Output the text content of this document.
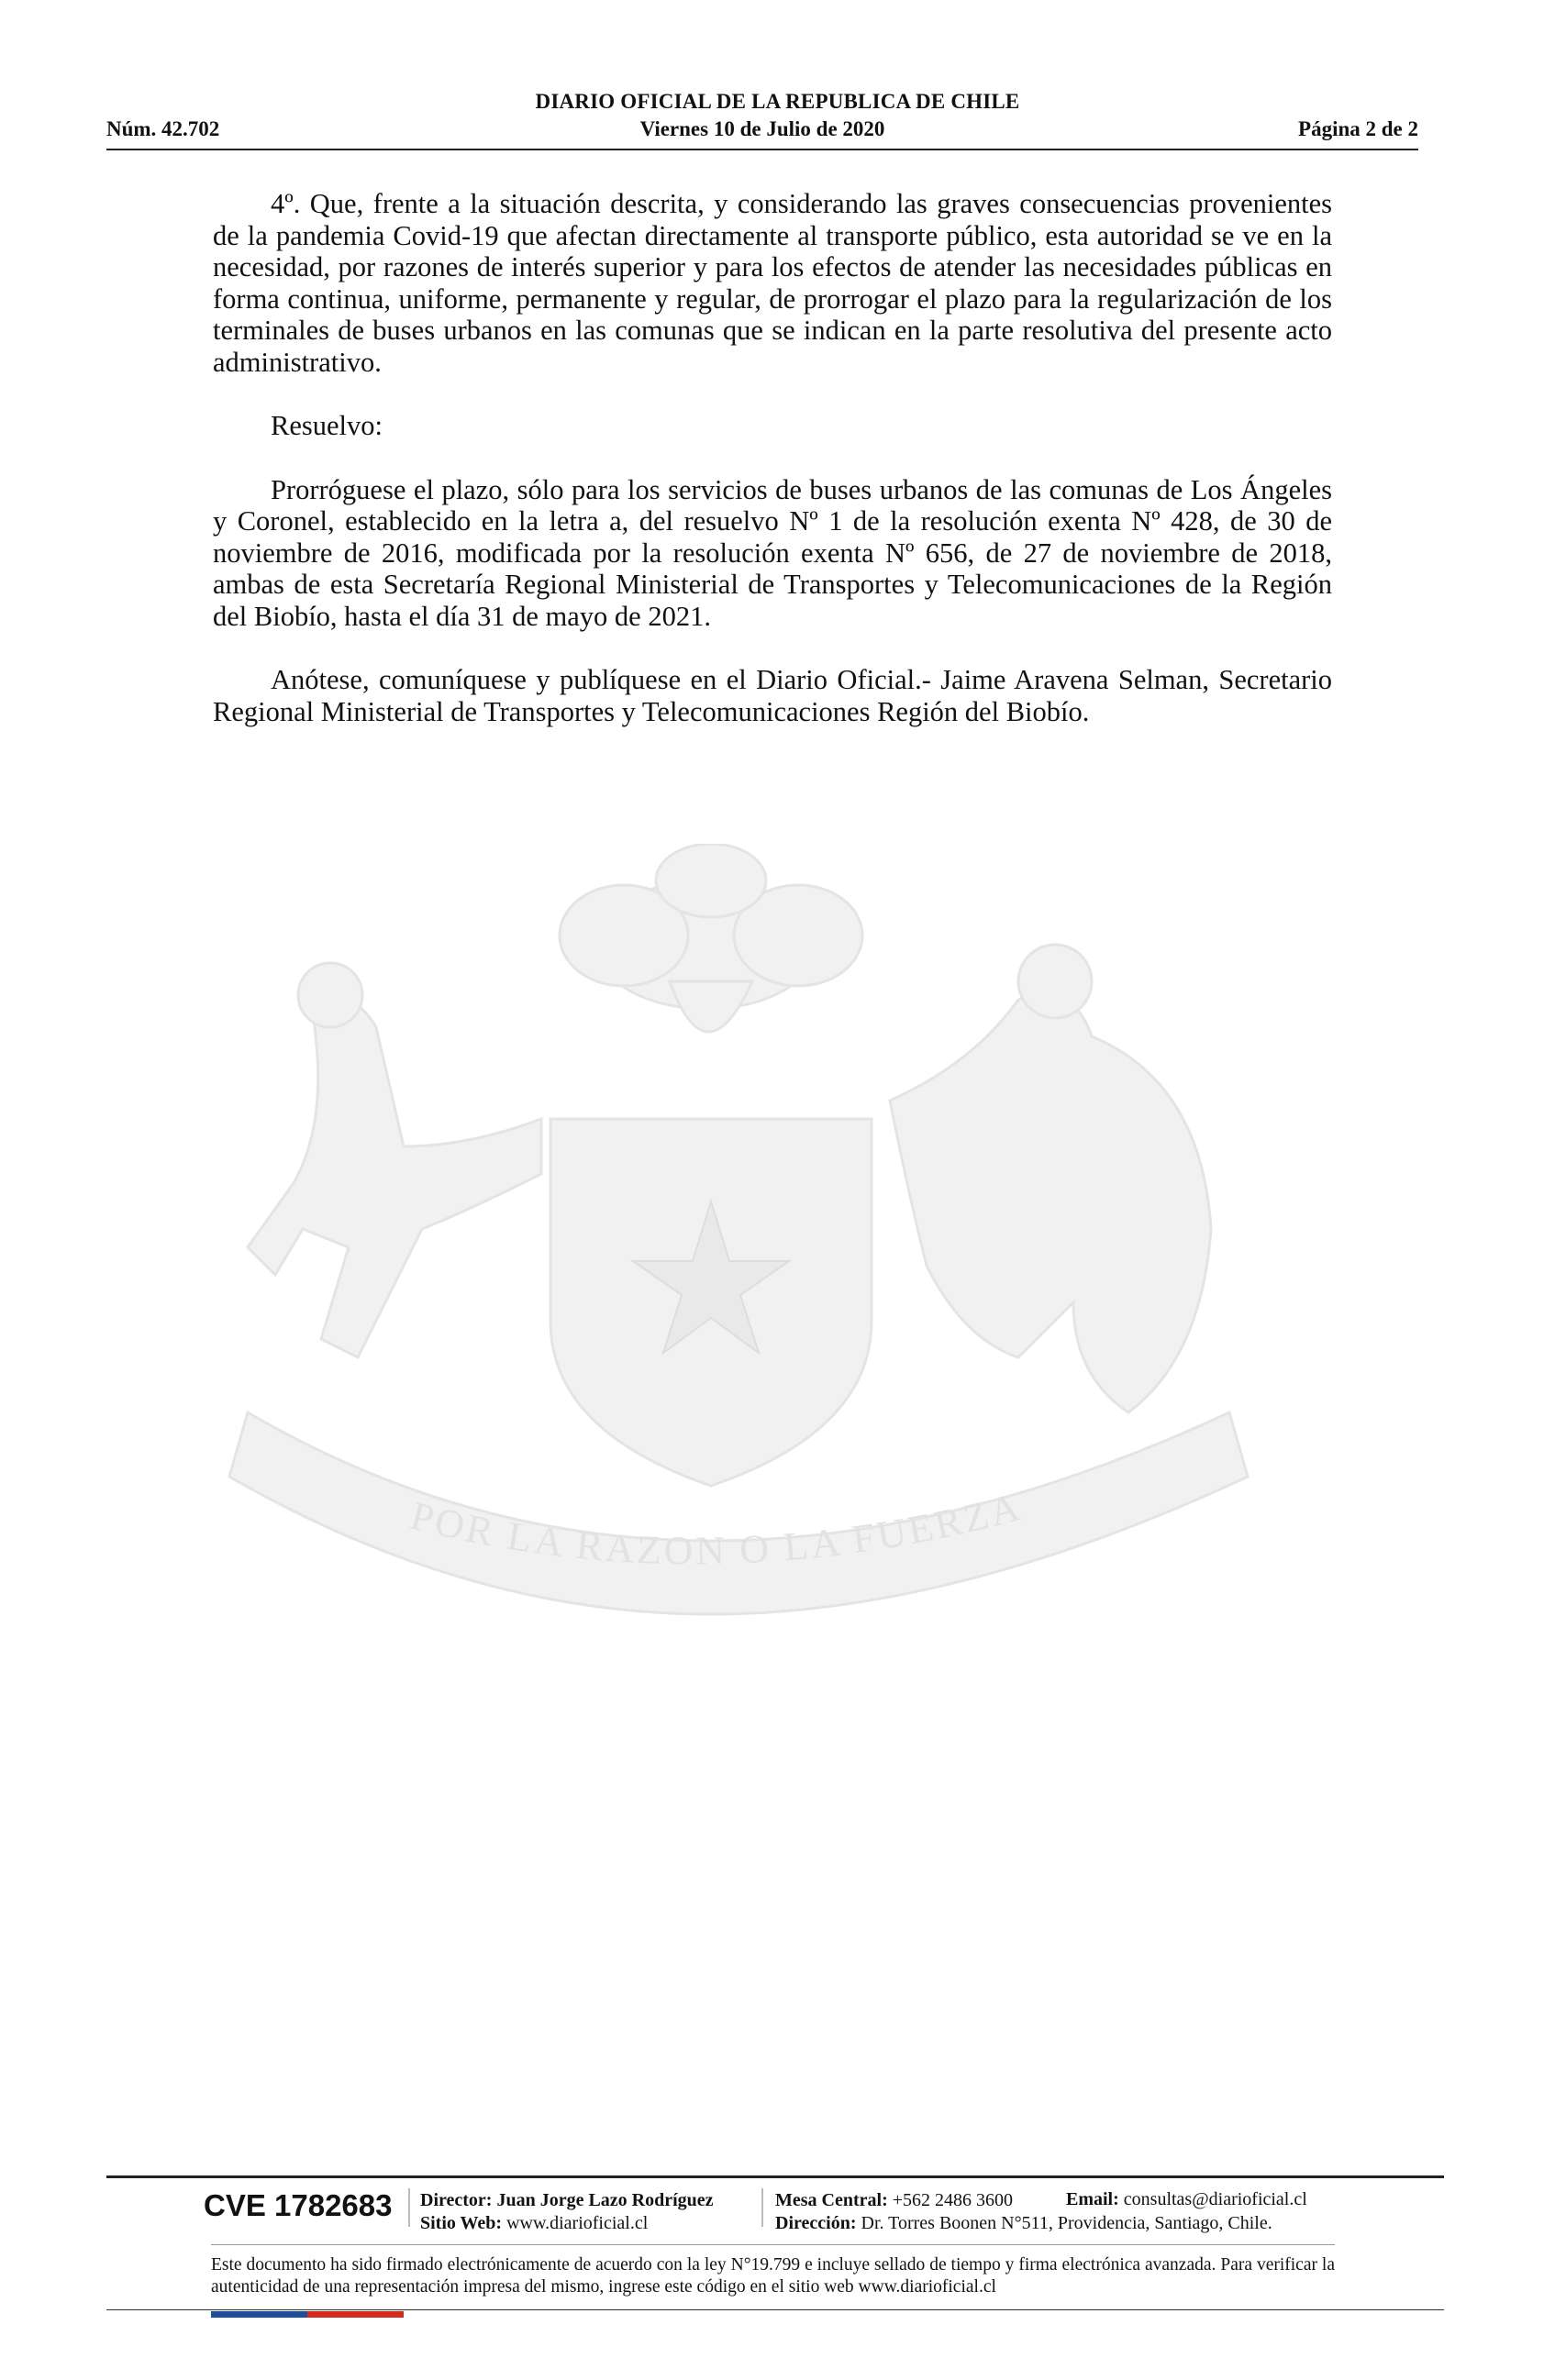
DIARIO OFICIAL DE LA REPUBLICA DE CHILE
Núm. 42.702	Viernes 10 de Julio de 2020	Página 2 de 2

4º. Que, frente a la situación descrita, y considerando las graves consecuencias provenientes de la pandemia Covid-19 que afectan directamente al transporte público, esta autoridad se ve en la necesidad, por razones de interés superior y para los efectos de atender las necesidades públicas en forma continua, uniforme, permanente y regular, de prorrogar el plazo para la regularización de los terminales de buses urbanos en las comunas que se indican en la parte resolutiva del presente acto administrativo.

Resuelvo:

Prorróguese el plazo, sólo para los servicios de buses urbanos de las comunas de Los Ángeles y Coronel, establecido en la letra a, del resuelvo Nº 1 de la resolución exenta Nº 428, de 30 de noviembre de 2016, modificada por la resolución exenta Nº 656, de 27 de noviembre de 2018, ambas de esta Secretaría Regional Ministerial de Transportes y Telecomunicaciones de la Región del Biobío, hasta el día 31 de mayo de 2021.

Anótese, comuníquese y publíquese en el Diario Oficial.- Jaime Aravena Selman, Secretario Regional Ministerial de Transportes y Telecomunicaciones Región del Biobío.

POR LA RAZON O LA FUERZA
CVE 1782683 Director: Juan Jorge Lazo Rodríguez
Sitio Web: www.diarioficial.cl
Mesa Central: +562 2486 3600
Dirección: Dr. Torres Boonen N°511, Providencia, Santiago, Chile.
Email: consultas@diarioficial.cl
Este documento ha sido firmado electrónicamente de acuerdo con la ley N°19.799 e incluye sellado de tiempo y firma electrónica avanzada. Para verificar la autenticidad de una representación impresa del mismo, ingrese este código en el sitio web www.diarioficial.cl
